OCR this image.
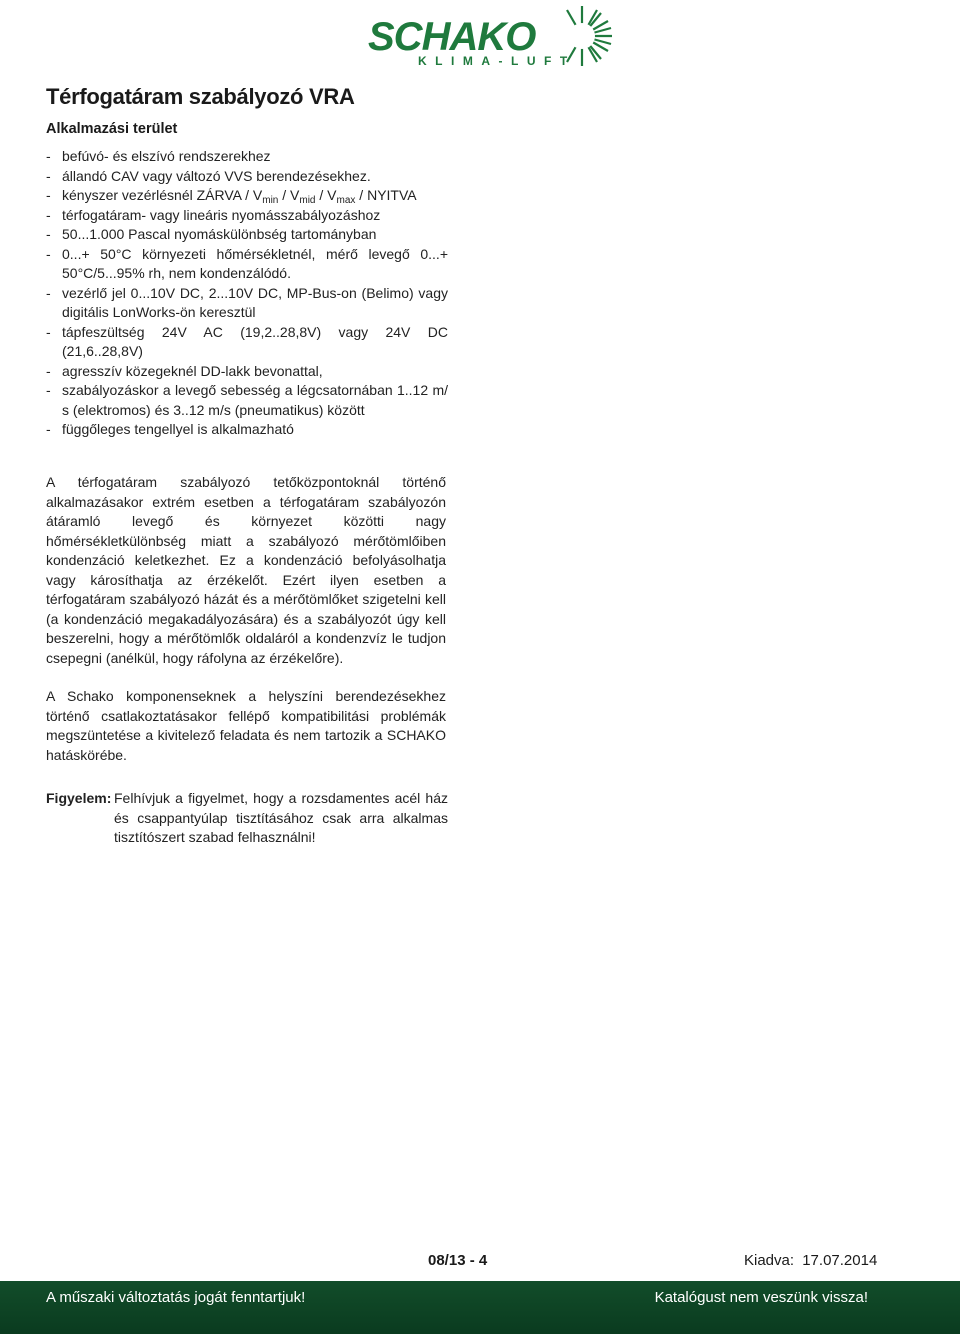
SCHAKO
KLIMA-LUFT
Térfogatáram szabályozó VRA
Alkalmazási terület
- befúvó- és elszívó rendszerekhez
- állandó CAV vagy változó VVS berendezésekhez.
- kényszer vezérlésnél ZÁRVA / $V_{min} / V_{mid} / V_{max}$ / NYITVA
- térfogatáram- vagy lineáris nyomásszabályozáshoz
- 50...1.000 Pascal nyomáskülönbség tartományban
- 0...+ 50°C környezeti hőmérsékletnél, mérő levegő 0...+ 50°C/5...95% rh, nem kondenzálódó.
- vezérlő jel 0...10V DC, 2...10V DC, MP-Bus-on (Belimo) vagy digitális LonWorks-ön keresztül
- tápfeszültség 24V AC (19,2..28,8V) vagy 24V DC (21,6..28,8V)
- agresszív közegeknél DD-lakk bevonattal,
- szabályozáskor a levegő sebesség a légcsatornában 1..12 m/ s (elektromos) és 3..12 m/s (pneumatikus) között
- függőleges tengellyel is alkalmazható

A térfogatáram szabályozó tetőközpontoknál történő alkalmazásakor extrém esetben a térfogatáram szabályozón átáramló levegő és környezet közötti nagy hőmérsékletkülönbség miatt a szabályozó mérőtömlőiben kondenzáció keletkezhet. Ez a kondenzáció befolyásolhatja vagy károsíthatja az érzékelőt. Ezért ilyen esetben a térfogatáram szabályozó házát és a mérőtömlőket szigetelni kell (a kondenzáció megakadályozására) és a szabályozót úgy kell beszerelni, hogy a mérőtömlők oldaláról a kondenzvíz le tudjon csepegni (anélkül, hogy ráfolyna az érzékelőre).

A Schako komponenseknek a helyszíni berendezésekhez történő csatlakoztatásakor fellépő kompatibilitási problémák megszüntetése a kivitelező feladata és nem tartozik a SCHAKO hatáskörébe.

Figyelem: Felhívjuk a figyelmet, hogy a rozsdamentes acél ház és csappantyúlap tisztításához csak arra alkalmas tisztítószert szabad felhasználni!
08/13 - 4	Kiadva: 17.07.2014
A műszaki változtatás jogát fenntartjuk!	Katalógust nem veszünk vissza!
